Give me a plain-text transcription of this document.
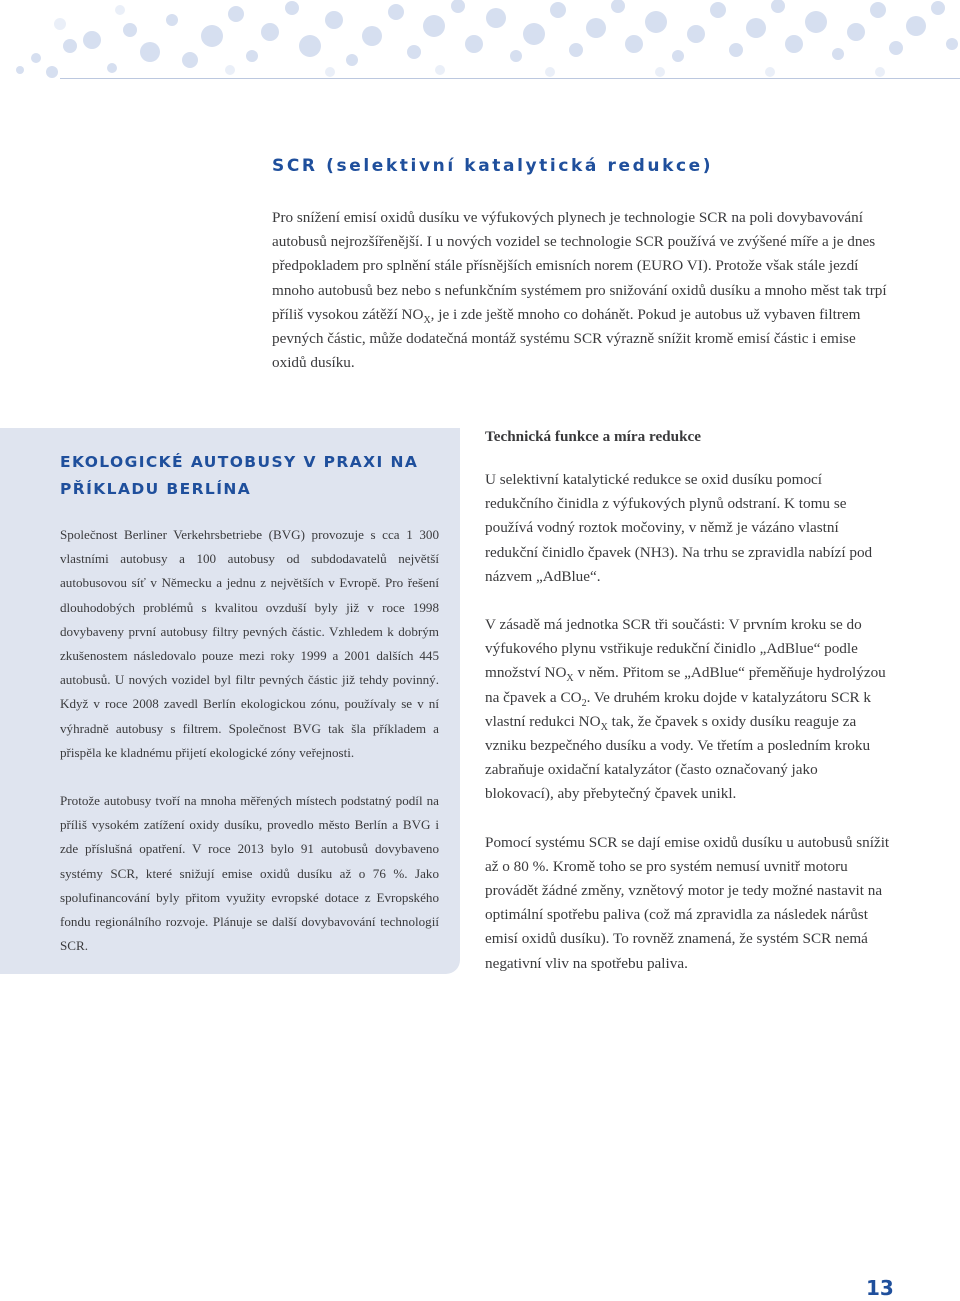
SCR (selektivní katalytická redukce)

Pro snížení emisí oxidů dusíku ve výfukových plynech je technologie SCR na poli dovybavování autobusů nejrozšířenější. I u nových vozidel se technologie SCR používá ve zvýšené míře a je dnes předpokladem pro splnění stále přísnějších emisních norem (EURO VI). Protože však stále jezdí mnoho autobusů bez nebo s nefunkčním systémem pro snižování oxidů dusíku a mnoho měst tak trpí příliš vysokou zátěží $NO_X$, je i zde ještě mnoho co dohánět. Pokud je autobus už vybaven filtrem pevných částic, může dodatečná montáž systému SCR výrazně snížit kromě emisí částic i emise oxidů dusíku.

EKOLOGICKÉ AUTOBUSY V PRAXI NA PŘÍKLADU BERLÍNA

Společnost Berliner Verkehrsbetriebe (BVG) provozuje s cca 1 300 vlastními autobusy a 100 autobusy od subdodavatelů největší autobusovou síť v Německu a jednu z největších v Evropě. Pro řešení dlouhodobých problémů s kvalitou ovzduší byly již v roce 1998 dovybaveny první autobusy filtry pevných částic. Vzhledem k dobrým zkušenostem následovalo pouze mezi roky 1999 a 2001 dalších 445 autobusů. U nových vozidel byl filtr pevných částic již tehdy povinný. Když v roce 2008 zavedl Berlín ekologickou zónu, používaly se v ní výhradně autobusy s filtrem. Společnost BVG tak šla příkladem a přispěla ke kladnému přijetí ekologické zóny veřejnosti.

Protože autobusy tvoří na mnoha měřených místech podstatný podíl na příliš vysokém zatížení oxidy dusíku, provedlo město Berlín a BVG i zde příslušná opatření. V roce 2013 bylo 91 autobusů dovybaveno systémy SCR, které snižují emise oxidů dusíku až o 76 %. Jako spolufinancování byly přitom využity evropské dotace z Evropského fondu regionálního rozvoje. Plánuje se další dovybavování technologií SCR.

Technická funkce a míra redukce

U selektivní katalytické redukce se oxid dusíku pomocí redukčního činidla z výfukových plynů odstraní. K tomu se používá vodný roztok močoviny, v němž je vázáno vlastní redukční činidlo čpavek (NH3). Na trhu se zpravidla nabízí pod názvem „AdBlue“.

V zásadě má jednotka SCR tři součásti: V prvním kroku se do výfukového plynu vstřikuje redukční činidlo „AdBlue“ podle množství $NO_X$ v něm. Přitom se „AdBlue“ přeměňuje hydrolýzou na čpavek a $CO_2$. Ve druhém kroku dojde v katalyzátoru SCR k vlastní redukci $NO_X$ tak, že čpavek s oxidy dusíku reaguje za vzniku bezpečného dusíku a vody. Ve třetím a posledním kroku zabraňuje oxidační katalyzátor (často označovaný jako blokovací), aby přebytečný čpavek unikl.

Pomocí systému SCR se dají emise oxidů dusíku u autobusů snížit až o 80 %. Kromě toho se pro systém nemusí uvnitř motoru provádět žádné změny, vznětový motor je tedy možné nastavit na optimální spotřebu paliva (což má zpravidla za následek nárůst emisí oxidů dusíku). To rovněž znamená, že systém SCR nemá negativní vliv na spotřebu paliva.

13
